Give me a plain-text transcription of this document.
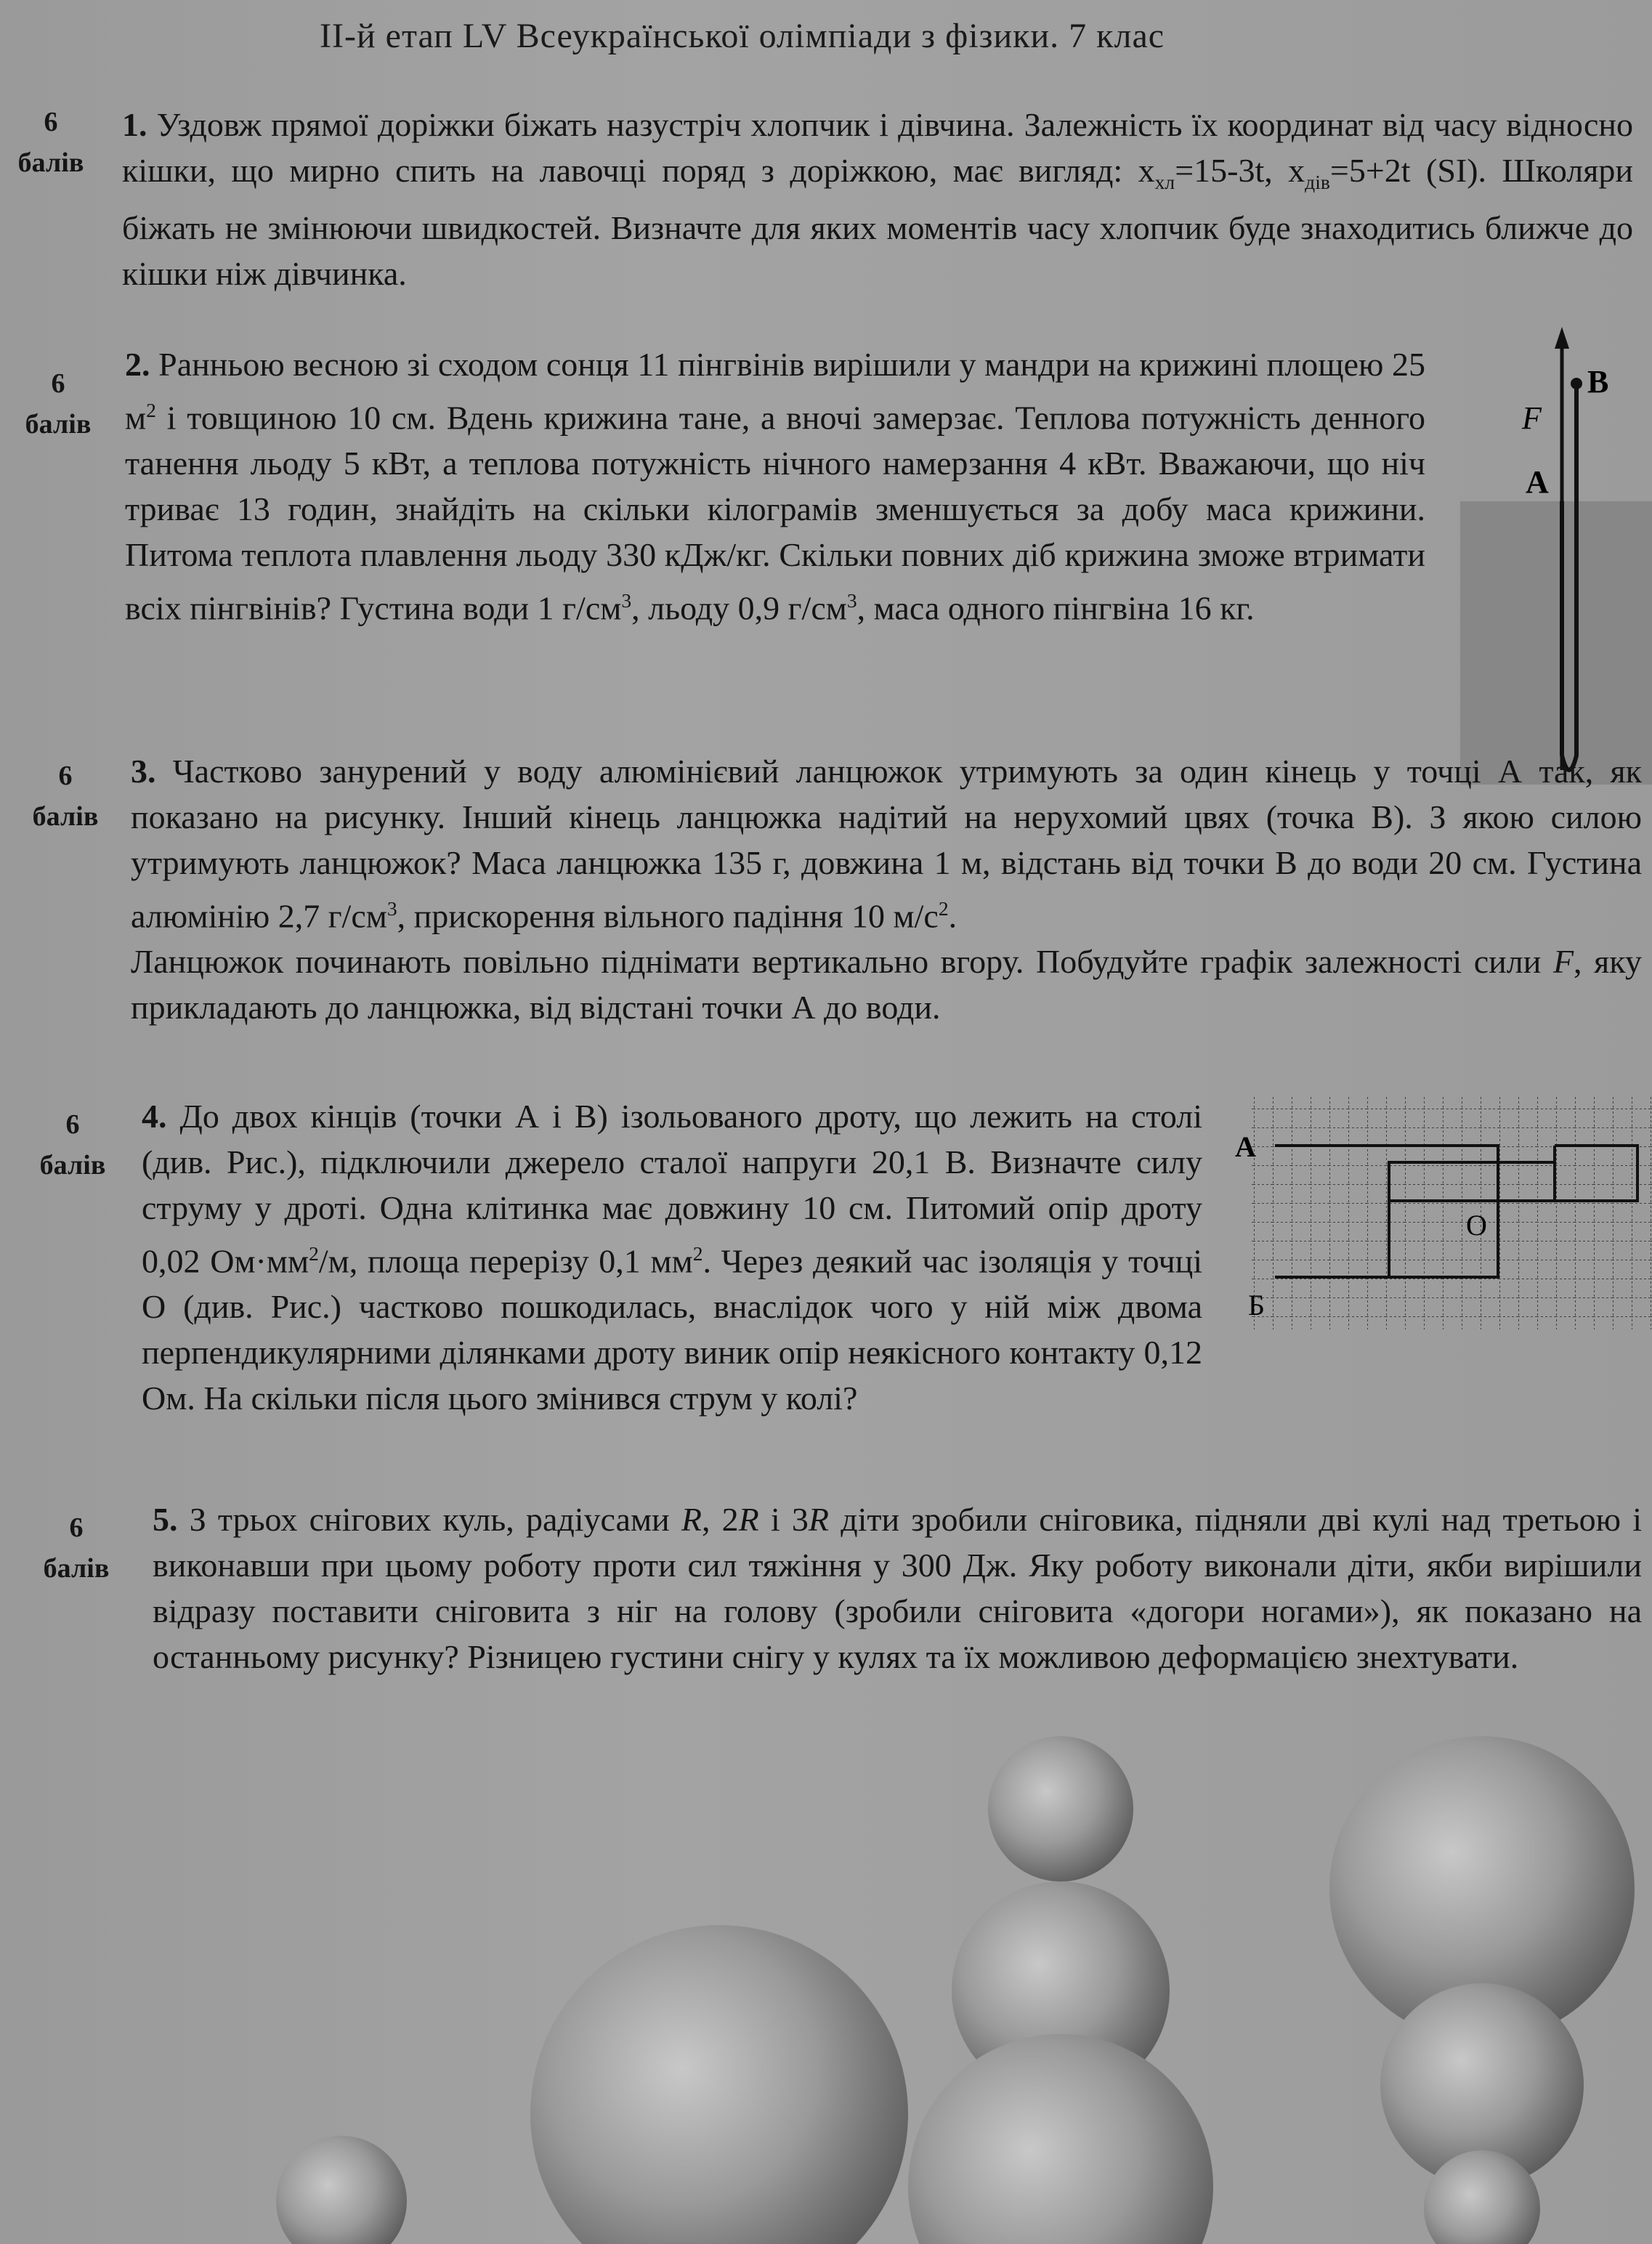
ІІ-й етап LV Всеукраїнської олімпіади з фізики. 7 клас
6
балів

1. Уздовж прямої доріжки біжать назустріч хлопчик і дівчина. Залежність їх координат від часу відносно кішки, що мирно спить на лавочці поряд з доріжкою, має вигляд: $x_{хл}=15-3t$, $x_{дів}=5+2t$ (SI). Школяри біжать не змінюючи швидкостей. Визначте для яких моментів часу хлопчик буде знаходитись ближче до кішки ніж дівчинка.

6
балів

2. Ранньою весною зі сходом сонця 11 пінгвінів вирішили у мандри на крижині площею 25 $м^2$ і товщиною 10 см. Вдень крижина тане, а вночі замерзає. Теплова потужність денного танення льоду 5 кВт, а теплова потужність нічного намерзання 4 кВт. Вважаючи, що ніч триває 13 годин, знайдіть на скільки кілограмів зменшується за добу маса крижини. Питома теплота плавлення льоду 330 кДж/кг. Скільки повних діб крижина зможе втримати всіх пінгвінів? Густина води 1 $г/см^3$, льоду 0,9 $г/см^3$, маса одного пінгвіна 16 кг.

B
F
A
6
балів

3. Частково занурений у воду алюмінієвий ланцюжок утримують за один кінець у точці А так, як показано на рисунку. Інший кінець ланцюжка надітий на нерухомий цвях (точка В). З якою силою утримують ланцюжок? Маса ланцюжка 135 г, довжина 1 м, відстань від точки В до води 20 см. Густина алюмінію 2,7 $г/см^3$, прискорення вільного падіння 10 $м/с^2$.

Ланцюжок починають повільно піднімати вертикально вгору. Побудуйте графік залежності сили F, яку прикладають до ланцюжка, від відстані точки А до води.

6
балів

4. До двох кінців (точки А і В) ізольованого дроту, що лежить на столі (див. Рис.), підключили джерело сталої напруги 20,1 В. Визначте силу струму у дроті. Одна клітинка має довжину 10 см. Питомий опір дроту 0,02 $Ом\cdot мм^2/м$, площа перерізу 0,1 $мм^2$. Через деякий час ізоляція у точці О (див. Рис.) частково пошкодилась, внаслідок чого у ній між двома перпендикулярними ділянками дроту виник опір неякісного контакту 0,12 Ом. На скільки після цього змінився струм у колі?

A
Б
O
6
балів

5. З трьох снігових куль, радіусами R, 2R і 3R діти зробили сніговика, підняли дві кулі над третьою і виконавши при цьому роботу проти сил тяжіння у 300 Дж. Яку роботу виконали діти, якби вирішили відразу поставити сніговита з ніг на голову (зробили сніговита «догори ногами»), як показано на останньому рисунку? Різницею густини снігу у кулях та їх можливою деформацією знехтувати.
